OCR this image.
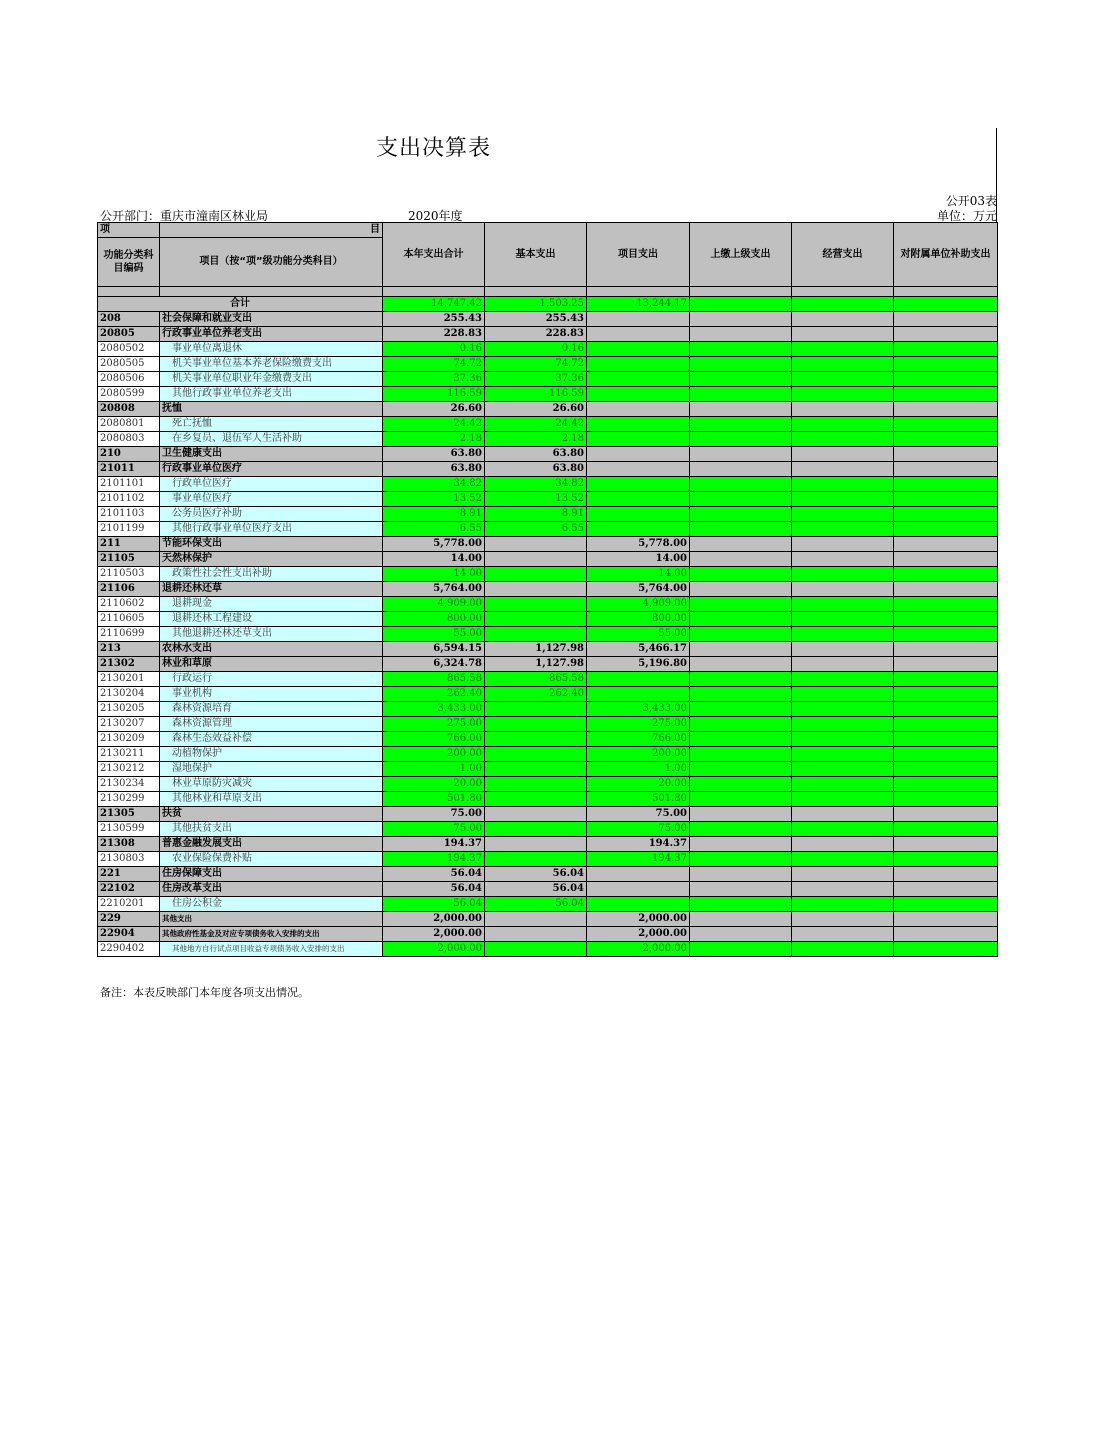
支出决算表
公开03表
公开部门：重庆市潼南区林业局	2020年度	单位：万元
项	目	本年支出合计	基本支出	项目支出	上缴上级支出	经营支出	对附属单位补助支出
功能分类科目编码	项目（按“项”级功能分类科目）						

合计		14,747.42	1,503.25	13,244.17			
208	社会保障和就业支出	255.43	255.43				
20805	行政事业单位养老支出	228.83	228.83				
2080502	事业单位离退休	0.16	0.16				
2080505	机关事业单位基本养老保险缴费支出	74.72	74.72				
2080506	机关事业单位职业年金缴费支出	37.36	37.36				
2080599	其他行政事业单位养老支出	116.59	116.59				
20808	抚恤	26.60	26.60				
2080801	死亡抚恤	24.42	24.42				
2080803	在乡复员、退伍军人生活补助	2.18	2.18				
210	卫生健康支出	63.80	63.80				
21011	行政事业单位医疗	63.80	63.80				
2101101	行政单位医疗	34.82	34.82				
2101102	事业单位医疗	13.52	13.52				
2101103	公务员医疗补助	8.91	8.91				
2101199	其他行政事业单位医疗支出	6.55	6.55				
211	节能环保支出	5,778.00		5,778.00			
21105	天然林保护	14.00		14.00			
2110503	政策性社会性支出补助	14.00		14.00			
21106	退耕还林还草	5,764.00		5,764.00			
2110602	退耕现金	4,909.00		4,909.00			
2110605	退耕还林工程建设	800.00		800.00			
2110699	其他退耕还林还草支出	55.00		55.00			
213	农林水支出	6,594.15	1,127.98	5,466.17			
21302	林业和草原	6,324.78	1,127.98	5,196.80			
2130201	行政运行	865.58	865.58				
2130204	事业机构	262.40	262.40				
2130205	森林资源培育	3,433.00		3,433.00			
2130207	森林资源管理	275.00		275.00			
2130209	森林生态效益补偿	766.00		766.00			
2130211	动植物保护	200.00		200.00			
2130212	湿地保护	1.00		1.00			
2130234	林业草原防灾减灾	20.00		20.00			
2130299	其他林业和草原支出	501.80		501.80			
21305	扶贫	75.00		75.00			
2130599	其他扶贫支出	75.00		75.00			
21308	普惠金融发展支出	194.37		194.37			
2130803	农业保险保费补贴	194.37		194.37			
221	住房保障支出	56.04	56.04				
22102	住房改革支出	56.04	56.04				
2210201	住房公积金	56.04	56.04				
229	其他支出	2,000.00		2,000.00			
22904	其他政府性基金及对应专项债务收入安排的支出	2,000.00		2,000.00			
2290402	其他地方自行试点项目收益专项债务收入安排的支出	2,000.00		2,000.00			
备注：本表反映部门本年度各项支出情况。
